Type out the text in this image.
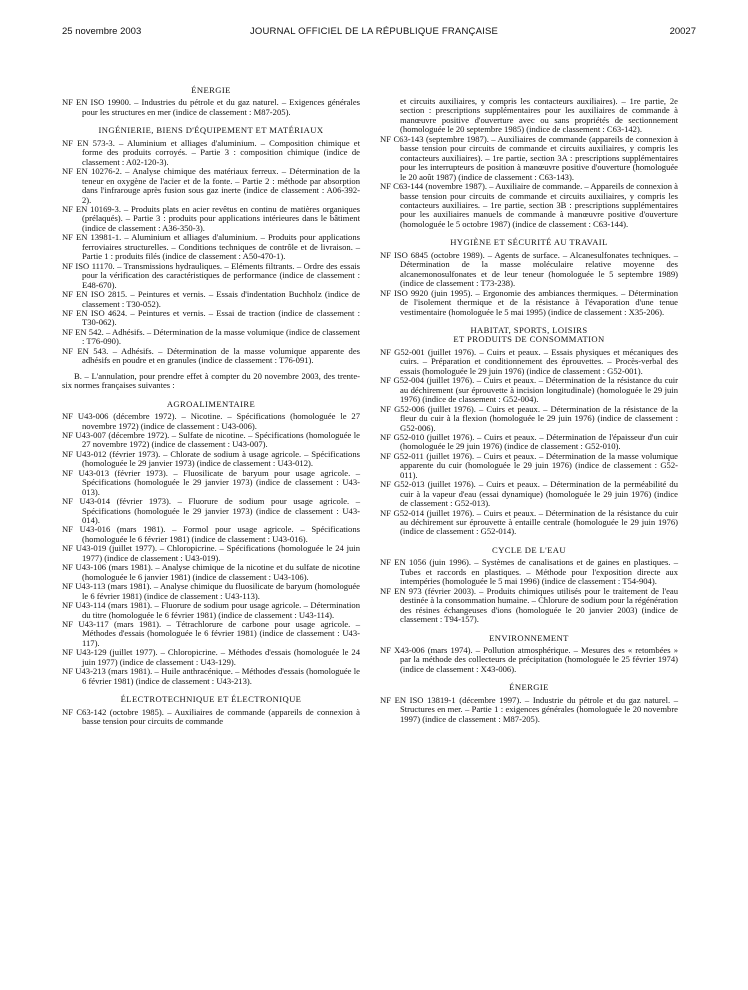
25 novembre 2003	JOURNAL OFFICIEL DE LA RÉPUBLIQUE FRANÇAISE	20027
ÉNERGIE
NF EN ISO 19900. – Industries du pétrole et du gaz naturel. – Exigences générales pour les structures en mer (indice de classement : M87-205).
INGÉNIERIE, BIENS D'ÉQUIPEMENT ET MATÉRIAUX
NF EN 573-3. – Aluminium et alliages d'aluminium. – Composition chimique et forme des produits corroyés. – Partie 3 : composition chimique (indice de classement : A02-120-3).
NF EN 10276-2. – Analyse chimique des matériaux ferreux. – Détermination de la teneur en oxygène de l'acier et de la fonte. – Partie 2 : méthode par absorption dans l'infrarouge après fusion sous gaz inerte (indice de classement : A06-392-2).
NF EN 10169-3. – Produits plats en acier revêtus en continu de matières organiques (prélaqués). – Partie 3 : produits pour applications intérieures dans le bâtiment (indice de classement : A36-350-3).
NF EN 13981-1. – Aluminium et alliages d'aluminium. – Produits pour applications ferroviaires structurelles. – Conditions techniques de contrôle et de livraison. – Partie 1 : produits filés (indice de classement : A50-470-1).
NF ISO 11170. – Transmissions hydrauliques. – Eléments filtrants. – Ordre des essais pour la vérification des caractéristiques de performance (indice de classement : E48-670).
NF EN ISO 2815. – Peintures et vernis. – Essais d'indentation Buchholz (indice de classement : T30-052).
NF EN ISO 4624. – Peintures et vernis. – Essai de traction (indice de classement : T30-062).
NF EN 542. – Adhésifs. – Détermination de la masse volumique (indice de classement : T76-090).
NF EN 543. – Adhésifs. – Détermination de la masse volumique apparente des adhésifs en poudre et en granules (indice de classement : T76-091).
B. – L'annulation, pour prendre effet à compter du 20 novembre 2003, des trente-six normes françaises suivantes :
AGROALIMENTAIRE
NF U43-006 (décembre 1972). – Nicotine. – Spécifications (homologuée le 27 novembre 1972) (indice de classement : U43-006).
NF U43-007 (décembre 1972). – Sulfate de nicotine. – Spécifications (homologuée le 27 novembre 1972) (indice de classement : U43-007).
NF U43-012 (février 1973). – Chlorate de sodium à usage agricole. – Spécifications (homologuée le 29 janvier 1973) (indice de classement : U43-012).
NF U43-013 (février 1973). – Fluosilicate de baryum pour usage agricole. – Spécifications (homologuée le 29 janvier 1973) (indice de classement : U43-013).
NF U43-014 (février 1973). – Fluorure de sodium pour usage agricole. – Spécifications (homologuée le 29 janvier 1973) (indice de classement : U43-014).
NF U43-016 (mars 1981). – Formol pour usage agricole. – Spécifications (homologuée le 6 février 1981) (indice de classement : U43-016).
NF U43-019 (juillet 1977). – Chloropicrine. – Spécifications (homologuée le 24 juin 1977) (indice de classement : U43-019).
NF U43-106 (mars 1981). – Analyse chimique de la nicotine et du sulfate de nicotine (homologuée le 6 janvier 1981) (indice de classement : U43-106).
NF U43-113 (mars 1981). – Analyse chimique du fluosilicate de baryum (homologuée le 6 février 1981) (indice de classement : U43-113).
NF U43-114 (mars 1981). – Fluorure de sodium pour usage agricole. – Détermination du titre (homologuée le 6 février 1981) (indice de classement : U43-114).
NF U43-117 (mars 1981). – Tétrachlorure de carbone pour usage agricole. – Méthodes d'essais (homologuée le 6 février 1981) (indice de classement : U43-117).
NF U43-129 (juillet 1977). – Chloropicrine. – Méthodes d'essais (homologuée le 24 juin 1977) (indice de classement : U43-129).
NF U43-213 (mars 1981). – Huile anthracénique. – Méthodes d'essais (homologuée le 6 février 1981) (indice de classement : U43-213).
ÉLECTROTECHNIQUE ET ÉLECTRONIQUE
NF C63-142 (octobre 1985). – Auxiliaires de commande (appareils de connexion à basse tension pour circuits de commande
et circuits auxiliaires, y compris les contacteurs auxiliaires). – 1re partie, 2e section : prescriptions supplémentaires pour les auxiliaires de commande à manœuvre positive d'ouverture avec ou sans propriétés de sectionnement (homologuée le 20 septembre 1985) (indice de classement : C63-142).
NF C63-143 (septembre 1987). – Auxiliaires de commande (appareils de connexion à basse tension pour circuits de commande et circuits auxiliaires, y compris les contacteurs auxiliaires). – 1re partie, section 3A : prescriptions supplémentaires pour les interrupteurs de position à manœuvre positive d'ouverture (homologuée le 20 août 1987) (indice de classement : C63-143).
NF C63-144 (novembre 1987). – Auxiliaire de commande. – Appareils de connexion à basse tension pour circuits de commande et circuits auxiliaires, y compris les contacteurs auxiliaires. – 1re partie, section 3B : prescriptions supplémentaires pour les auxiliaires manuels de commande à manœuvre positive d'ouverture (homologuée le 5 octobre 1987) (indice de classement : C63-144).
HYGIÈNE ET SÉCURITÉ AU TRAVAIL
NF ISO 6845 (octobre 1989). – Agents de surface. – Alcanesulfonates techniques. – Détermination de la masse moléculaire relative moyenne des alcanemonosulfonates et de leur teneur (homologuée le 5 septembre 1989) (indice de classement : T73-238).
NF ISO 9920 (juin 1995). – Ergonomie des ambiances thermiques. – Détermination de l'isolement thermique et de la résistance à l'évaporation d'une tenue vestimentaire (homologuée le 5 mai 1995) (indice de classement : X35-206).
HABITAT, SPORTS, LOISIRS
ET PRODUITS DE CONSOMMATION
NF G52-001 (juillet 1976). – Cuirs et peaux. – Essais physiques et mécaniques des cuirs. – Préparation et conditionnement des éprouvettes. – Procès-verbal des essais (homologuée le 29 juin 1976) (indice de classement : G52-001).
NF G52-004 (juillet 1976). – Cuirs et peaux. – Détermination de la résistance du cuir au déchirement (sur éprouvette à incision longitudinale) (homologuée le 29 juin 1976) (indice de classement : G52-004).
NF G52-006 (juillet 1976). – Cuirs et peaux. – Détermination de la résistance de la fleur du cuir à la flexion (homologuée le 29 juin 1976) (indice de classement : G52-006).
NF G52-010 (juillet 1976). – Cuirs et peaux. – Détermination de l'épaisseur d'un cuir (homologuée le 29 juin 1976) (indice de classement : G52-010).
NF G52-011 (juillet 1976). – Cuirs et peaux. – Détermination de la masse volumique apparente du cuir (homologuée le 29 juin 1976) (indice de classement : G52-011).
NF G52-013 (juillet 1976). – Cuirs et peaux. – Détermination de la perméabilité du cuir à la vapeur d'eau (essai dynamique) (homologuée le 29 juin 1976) (indice de classement : G52-013).
NF G52-014 (juillet 1976). – Cuirs et peaux. – Détermination de la résistance du cuir au déchirement sur éprouvette à entaille centrale (homologuée le 29 juin 1976) (indice de classement : G52-014).
CYCLE DE L'EAU
NF EN 1056 (juin 1996). – Systèmes de canalisations et de gaines en plastiques. – Tubes et raccords en plastiques. – Méthode pour l'exposition directe aux intempéries (homologuée le 5 mai 1996) (indice de classement : T54-904).
NF EN 973 (février 2003). – Produits chimiques utilisés pour le traitement de l'eau destinée à la consommation humaine. – Chlorure de sodium pour la régénération des résines échangeuses d'ions (homologuée le 20 janvier 2003) (indice de classement : T94-157).
ENVIRONNEMENT
NF X43-006 (mars 1974). – Pollution atmosphérique. – Mesures des « retombées » par la méthode des collecteurs de précipitation (homologuée le 25 février 1974) (indice de classement : X43-006).
ÉNERGIE
NF EN ISO 13819-1 (décembre 1997). – Industrie du pétrole et du gaz naturel. – Structures en mer. – Partie 1 : exigences générales (homologuée le 20 novembre 1997) (indice de classement : M87-205).
